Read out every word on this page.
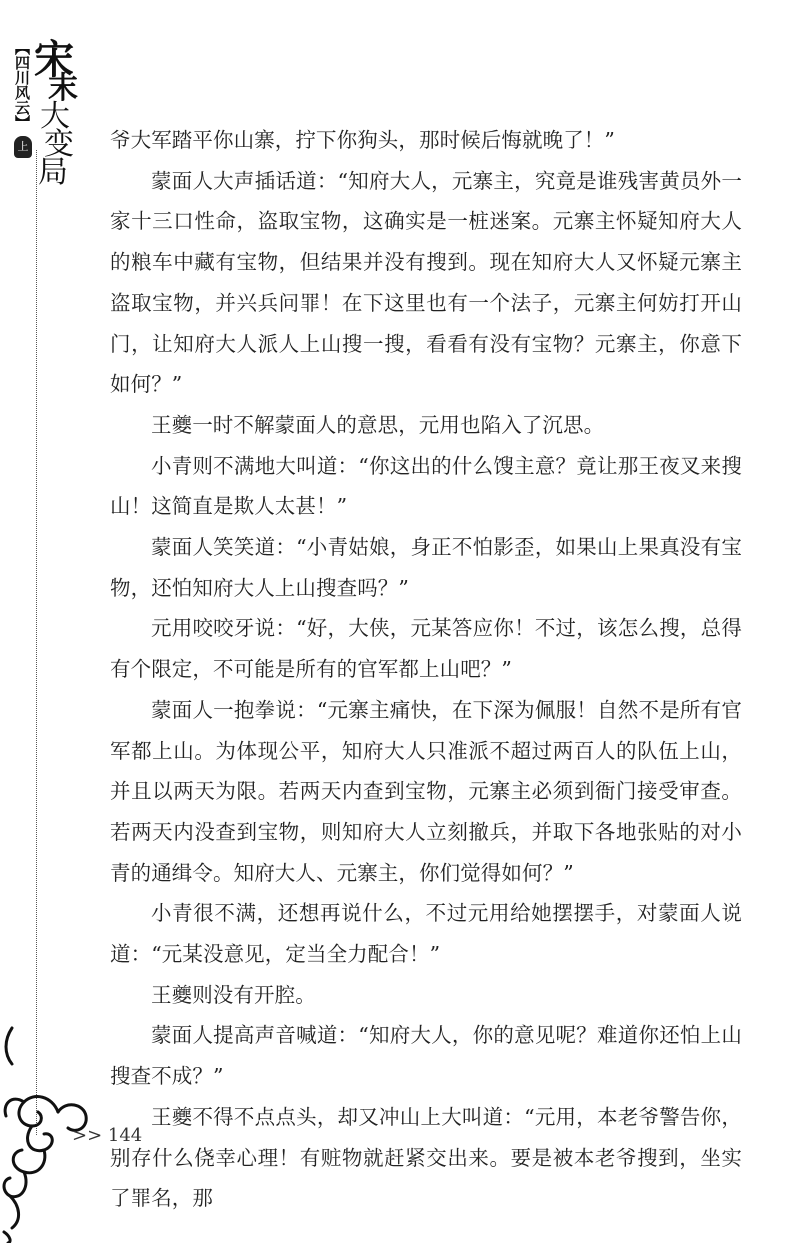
【四川风云】 宋
末
大
变
局
上	爷大军踏平你山寨，拧下你狗头，那时候后悔就晚了！”

蒙面人大声插话道：“知府大人，元寨主，究竟是谁残害黄员外一家十三口性命，盗取宝物，这确实是一桩迷案。元寨主怀疑知府大人的粮车中藏有宝物，但结果并没有搜到。现在知府大人又怀疑元寨主盗取宝物，并兴兵问罪！在下这里也有一个法子，元寨主何妨打开山门，让知府大人派人上山搜一搜，看看有没有宝物？元寨主，你意下如何？”

王夔一时不解蒙面人的意思，元用也陷入了沉思。

小青则不满地大叫道：“你这出的什么馊主意？竟让那王夜叉来搜山！这简直是欺人太甚！”

蒙面人笑笑道：“小青姑娘，身正不怕影歪，如果山上果真没有宝物，还怕知府大人上山搜查吗？”

元用咬咬牙说：“好，大侠，元某答应你！不过，该怎么搜，总得有个限定，不可能是所有的官军都上山吧？”

蒙面人一抱拳说：“元寨主痛快，在下深为佩服！自然不是所有官军都上山。为体现公平，知府大人只准派不超过两百人的队伍上山，并且以两天为限。若两天内查到宝物，元寨主必须到衙门接受审查。若两天内没查到宝物，则知府大人立刻撤兵，并取下各地张贴的对小青的通缉令。知府大人、元寨主，你们觉得如何？”

小青很不满，还想再说什么，不过元用给她摆摆手，对蒙面人说道：“元某没意见，定当全力配合！”

王夔则没有开腔。

蒙面人提高声音喊道：“知府大人，你的意见呢？难道你还怕上山搜查不成？”

王夔不得不点点头，却又冲山上大叫道：“元用，本老爷警告你，别存什么侥幸心理！有赃物就赶紧交出来。要是被本老爷搜到，坐实了罪名，那

>> 144
